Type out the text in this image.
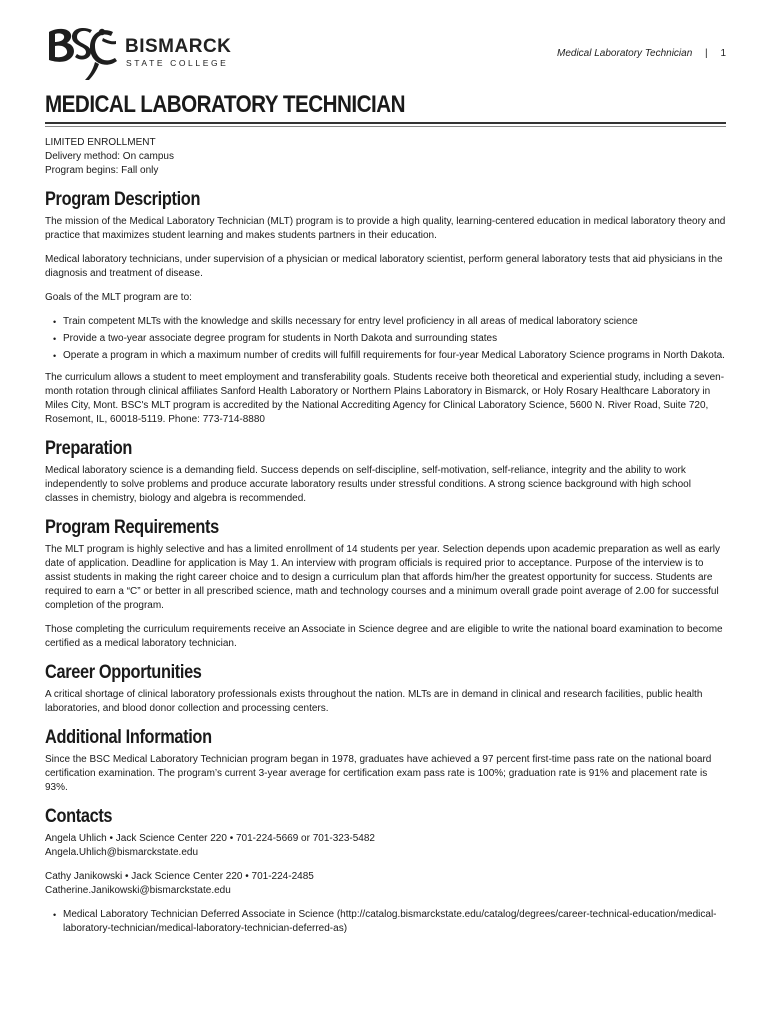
BISMARCK
STATE COLLEGE
Medical Laboratory Technician | 1
MEDICAL LABORATORY TECHNICIAN
LIMITED ENROLLMENT
Delivery method: On campus
Program begins: Fall only
Program Description

The mission of the Medical Laboratory Technician (MLT) program is to provide a high quality, learning-centered education in medical laboratory theory and practice that maximizes student learning and makes students partners in their education.

Medical laboratory technicians, under supervision of a physician or medical laboratory scientist, perform general laboratory tests that aid physicians in the diagnosis and treatment of disease.

Goals of the MLT program are to:

• Train competent MLTs with the knowledge and skills necessary for entry level proficiency in all areas of medical laboratory science
• Provide a two-year associate degree program for students in North Dakota and surrounding states
• Operate a program in which a maximum number of credits will fulfill requirements for four-year Medical Laboratory Science programs in North Dakota.

The curriculum allows a student to meet employment and transferability goals. Students receive both theoretical and experiential study, including a seven-month rotation through clinical affiliates Sanford Health Laboratory or Northern Plains Laboratory in Bismarck, or Holy Rosary Healthcare Laboratory in Miles City, Mont. BSC's MLT program is accredited by the National Accrediting Agency for Clinical Laboratory Science, 5600 N. River Road, Suite 720, Rosemont, IL, 60018-5119. Phone: 773-714-8880

Preparation

Medical laboratory science is a demanding field. Success depends on self-discipline, self-motivation, self-reliance, integrity and the ability to work independently to solve problems and produce accurate laboratory results under stressful conditions. A strong science background with high school classes in chemistry, biology and algebra is recommended.

Program Requirements

The MLT program is highly selective and has a limited enrollment of 14 students per year. Selection depends upon academic preparation as well as early date of application. Deadline for application is May 1. An interview with program officials is required prior to acceptance. Purpose of the interview is to assist students in making the right career choice and to design a curriculum plan that affords him/her the greatest opportunity for success. Students are required to earn a “C” or better in all prescribed science, math and technology courses and a minimum overall grade point average of 2.00 for successful completion of the program.

Those completing the curriculum requirements receive an Associate in Science degree and are eligible to write the national board examination to become certified as a medical laboratory technician.

Career Opportunities

A critical shortage of clinical laboratory professionals exists throughout the nation. MLTs are in demand in clinical and research facilities, public health laboratories, and blood donor collection and processing centers.

Additional Information

Since the BSC Medical Laboratory Technician program began in 1978, graduates have achieved a 97 percent first-time pass rate on the national board certification examination. The program’s current 3-year average for certification exam pass rate is 100%; graduation rate is 91% and placement rate is 93%.

Contacts
Angela Uhlich • Jack Science Center 220 • 701-224-5669 or 701-323-5482
Angela.Uhlich@bismarckstate.edu
Cathy Janikowski • Jack Science Center 220 • 701-224-2485
Catherine.Janikowski@bismarckstate.edu
• Medical Laboratory Technician Deferred Associate in Science (http://catalog.bismarckstate.edu/catalog/degrees/career-technical-education/medical-laboratory-technician/medical-laboratory-technician-deferred-as)
